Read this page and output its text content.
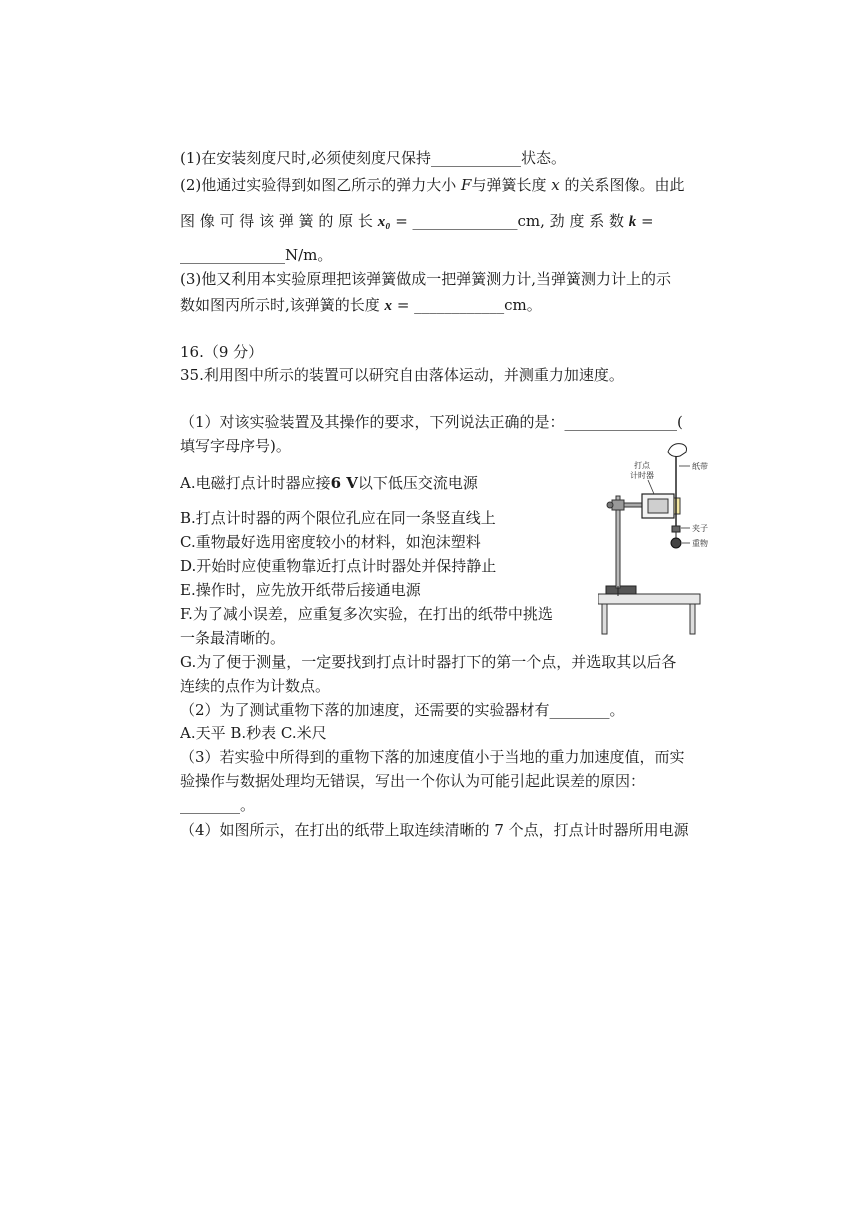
(1)在安装刻度尺时,必须使刻度尺保持____________状态。
(2)他通过实验得到如图乙所示的弹力大小 F与弹簧长度 x 的关系图像。由此
图 像 可 得 该 弹 簧 的 原 长 x₀ = ______________cm, 劲 度 系 数 k =
______________N/m。
(3)他又利用本实验原理把该弹簧做成一把弹簧测力计,当弹簧测力计上的示
数如图丙所示时,该弹簧的长度 x = ____________cm。
16.（9 分）
35.利用图中所示的装置可以研究自由落体运动，并测重力加速度。
（1）对该实验装置及其操作的要求，下列说法正确的是：_______________(
填写字母序号)。
A.电磁打点计时器应接6 V以下低压交流电源
B.打点计时器的两个限位孔应在同一条竖直线上
C.重物最好选用密度较小的材料，如泡沫塑料
D.开始时应使重物靠近打点计时器处并保持静止
E.操作时，应先放开纸带后接通电源
F.为了减小误差，应重复多次实验，在打出的纸带中挑选
一条最清晰的。
G.为了便于测量，一定要找到打点计时器打下的第一个点，并选取其以后各
连续的点作为计数点。
（2）为了测试重物下落的加速度，还需要的实验器材有________。
A.天平 B.秒表 C.米尺
（3）若实验中所得到的重物下落的加速度值小于当地的重力加速度值，而实
验操作与数据处理均无错误，写出一个你认为可能引起此误差的原因：
________。
（4）如图所示，在打出的纸带上取连续清晰的 7 个点，打点计时器所用电源
打点
计时器
纸带
夹子
重物
